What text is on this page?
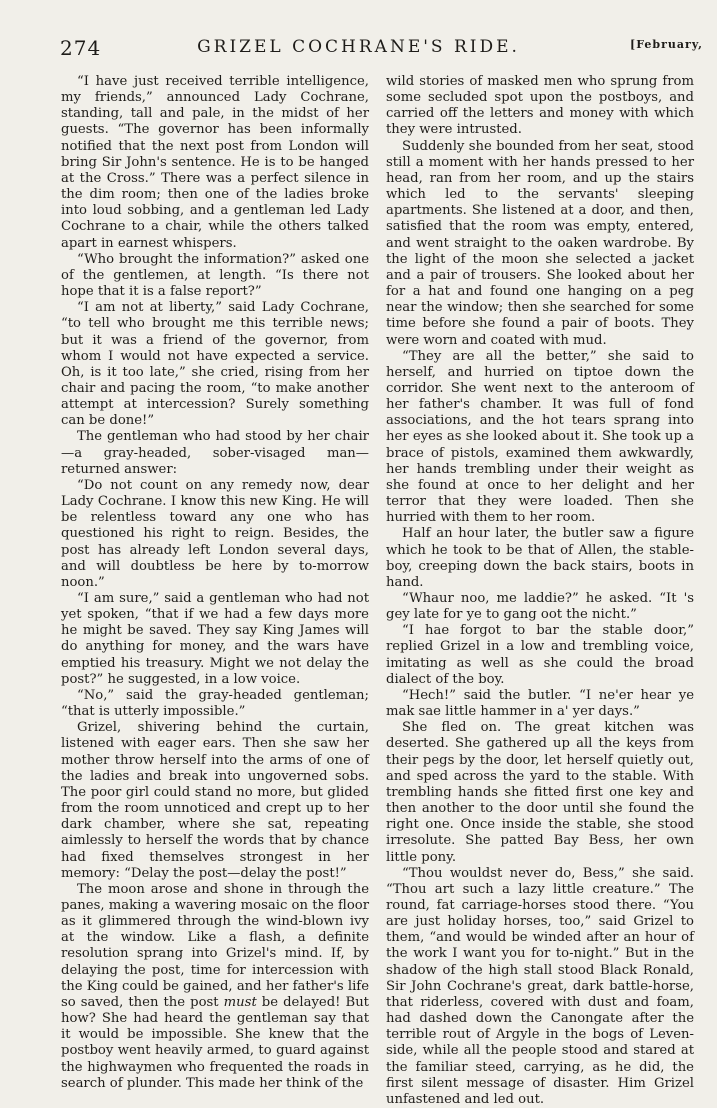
274	GRIZEL COCHRANE'S RIDE.	[February,

“I have just received terrible intelligence, my friends,” announced Lady Cochrane, standing, tall and pale, in the midst of her guests. “The governor has been informally notified that the next post from London will bring Sir John's sentence. He is to be hanged at the Cross.” There was a perfect silence in the dim room; then one of the ladies broke into loud sobbing, and a gentleman led Lady Cochrane to a chair, while the others talked apart in earnest whispers.

“Who brought the information?” asked one of the gentlemen, at length. “Is there not hope that it is a false report?”

“I am not at liberty,” said Lady Cochrane, “to tell who brought me this terrible news; but it was a friend of the governor, from whom I would not have expected a service. Oh, is it too late,” she cried, rising from her chair and pacing the room, “to make another attempt at intercession? Surely something can be done!”

The gentleman who had stood by her chair—a gray-headed, sober-visaged man—returned answer:

“Do not count on any remedy now, dear Lady Cochrane. I know this new King. He will be relentless toward any one who has questioned his right to reign. Besides, the post has already left London several days, and will doubtless be here by to-morrow noon.”

“I am sure,” said a gentleman who had not yet spoken, “that if we had a few days more he might be saved. They say King James will do anything for money, and the wars have emptied his treasury. Might we not delay the post?” he suggested, in a low voice.

“No,” said the gray-headed gentleman; “that is utterly impossible.”

Grizel, shivering behind the curtain, listened with eager ears. Then she saw her mother throw herself into the arms of one of the ladies and break into ungoverned sobs. The poor girl could stand no more, but glided from the room unnoticed and crept up to her dark chamber, where she sat, repeating aimlessly to herself the words that by chance had fixed themselves strongest in her memory: “Delay the post—delay the post!”

The moon arose and shone in through the panes, making a wavering mosaic on the floor as it glimmered through the wind-blown ivy at the window. Like a flash, a definite resolution sprang into Grizel's mind. If, by delaying the post, time for intercession with the King could be gained, and her father's life so saved, then the post must be delayed! But how? She had heard the gentleman say that it would be impossible. She knew that the postboy went heavily armed, to guard against the highwaymen who frequented the roads in search of plunder. This made her think of the

wild stories of masked men who sprung from some secluded spot upon the postboys, and carried off the letters and money with which they were intrusted.

Suddenly she bounded from her seat, stood still a moment with her hands pressed to her head, ran from her room, and up the stairs which led to the servants' sleeping apartments. She listened at a door, and then, satisfied that the room was empty, entered, and went straight to the oaken wardrobe. By the light of the moon she selected a jacket and a pair of trousers. She looked about her for a hat and found one hanging on a peg near the window; then she searched for some time before she found a pair of boots. They were worn and coated with mud.

“They are all the better,” she said to herself, and hurried on tiptoe down the corridor. She went next to the anteroom of her father's chamber. It was full of fond associations, and the hot tears sprang into her eyes as she looked about it. She took up a brace of pistols, examined them awkwardly, her hands trembling under their weight as she found at once to her delight and her terror that they were loaded. Then she hurried with them to her room.

Half an hour later, the butler saw a figure which he took to be that of Allen, the stable-boy, creeping down the back stairs, boots in hand.

“Whaur noo, me laddie?” he asked. “It 's gey late for ye to gang oot the nicht.”

“I hae forgot to bar the stable door,” replied Grizel in a low and trembling voice, imitating as well as she could the broad dialect of the boy.

“Hech!” said the butler. “I ne'er hear ye mak sae little hammer in a' yer days.”

She fled on. The great kitchen was deserted. She gathered up all the keys from their pegs by the door, let herself quietly out, and sped across the yard to the stable. With trembling hands she fitted first one key and then another to the door until she found the right one. Once inside the stable, she stood irresolute. She patted Bay Bess, her own little pony.

“Thou wouldst never do, Bess,” she said. “Thou art such a lazy little creature.” The round, fat carriage-horses stood there. “You are just holiday horses, too,” said Grizel to them, “and would be winded after an hour of the work I want you for to-night.” But in the shadow of the high stall stood Black Ronald, Sir John Cochrane's great, dark battle-horse, that riderless, covered with dust and foam, had dashed down the Canongate after the terrible rout of Argyle in the bogs of Leven-side, while all the people stood and stared at the familiar steed, carrying, as he did, the first silent message of disaster. Him Grizel unfastened and led out.
